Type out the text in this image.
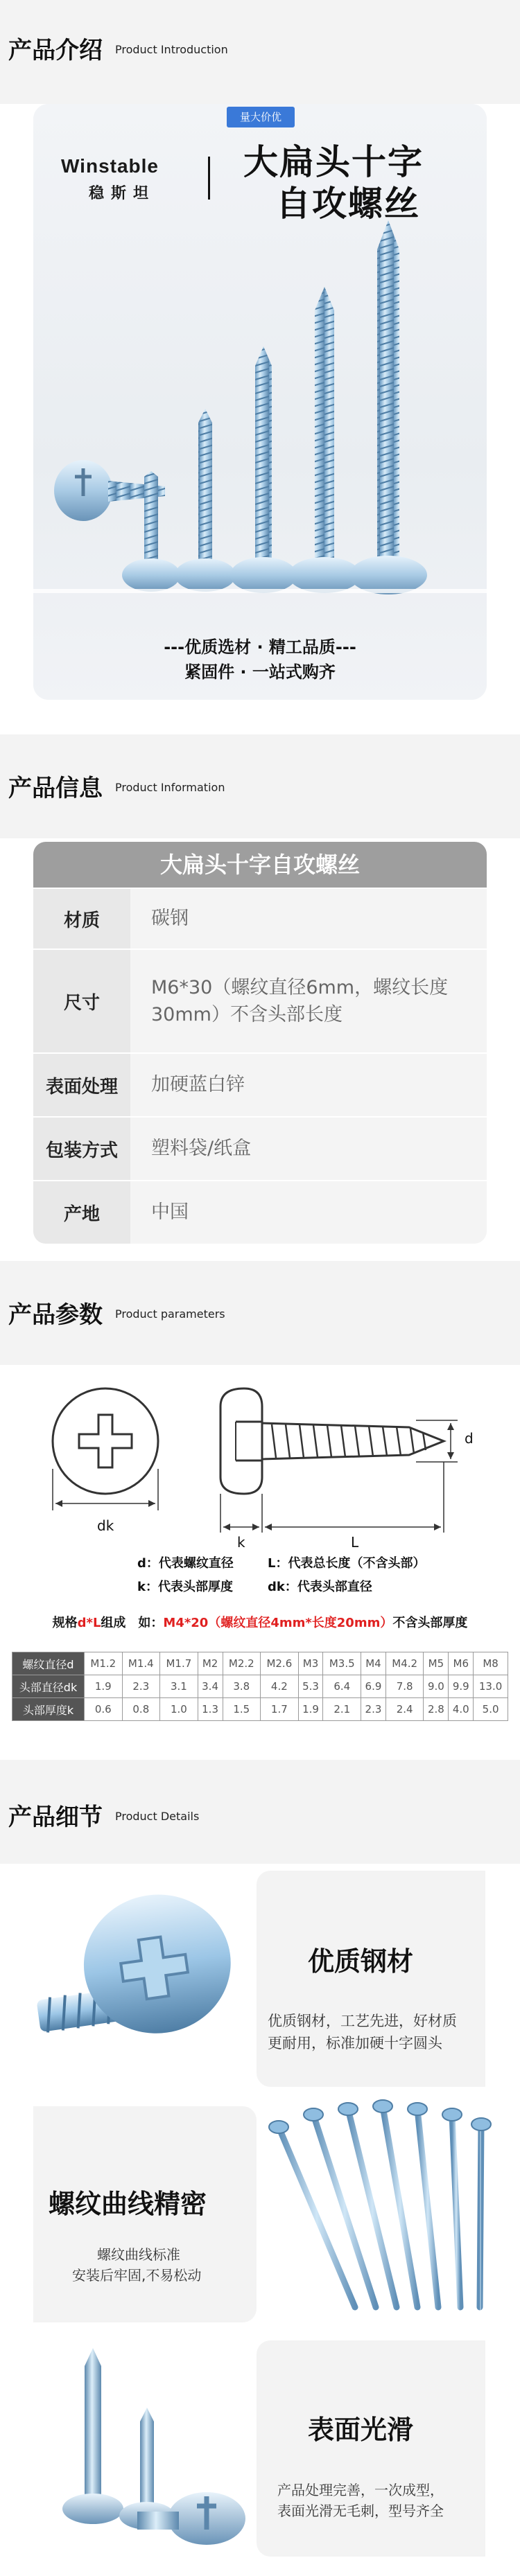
产品介绍 Product Introduction
量大价优
大扁头十字
自攻螺丝
Winstable
稳斯坦
---优质选材 · 精工品质---
紧固件 · 一站式购齐
产品信息 Product Information
大扁头十字自攻螺丝
材质	碳钢
尺寸
M6*30（螺纹直径6mm，螺纹长度30mm）不含头部长度
表面处理	加硬蓝白锌
包装方式	塑料袋/纸盒
产地	中国
产品参数 Product parameters
dk
k	L
d
d：代表螺纹直径	L：代表总长度（不含头部）
k：代表头部厚度	dk：代表头部直径
规格d*L组成　如：M4*20（螺纹直径4mm*长度20mm）不含头部厚度
螺纹直径d	M1.2	M1.4	M1.7	M2	M2.2	M2.6	M3	M3.5	M4	M4.2	M5	M6	M8
头部直径dk	1.9	2.3	3.1	3.4	3.8	4.2	5.3	6.4	6.9	7.8	9.0	9.9	13.0
头部厚度k	0.6	0.8	1.0	1.3	1.5	1.7	1.9	2.1	2.3	2.4	2.8	4.0	5.0
产品细节 Product Details
优质钢材
优质钢材，工艺先进，好材质
更耐用，标准加硬十字圆头
螺纹曲线精密
螺纹曲线标准
安装后牢固,不易松动
表面光滑
产品处理完善，一次成型，
表面光滑无毛刺，型号齐全
